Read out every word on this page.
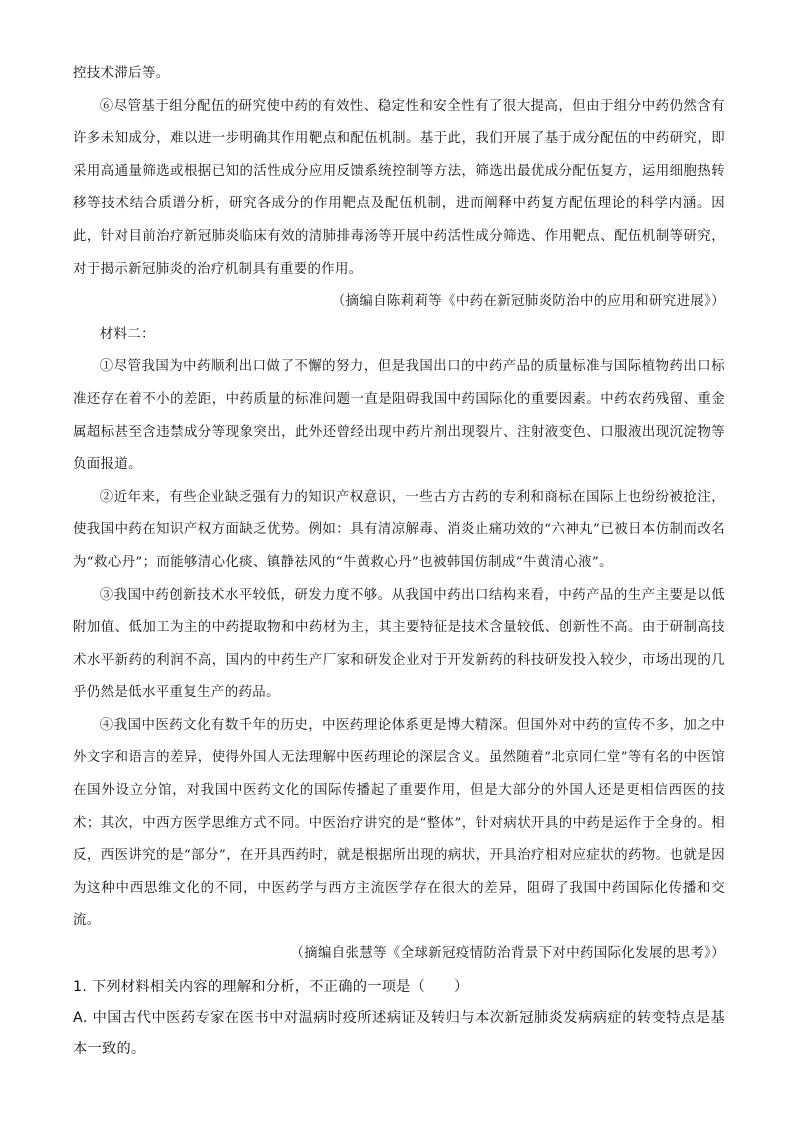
控技术滞后等。

⑥尽管基于组分配伍的研究使中药的有效性、稳定性和安全性有了很大提高，但由于组分中药仍然含有许多未知成分，难以进一步明确其作用靶点和配伍机制。基于此，我们开展了基于成分配伍的中药研究，即采用高通量筛选或根据已知的活性成分应用反馈系统控制等方法，筛选出最优成分配伍复方，运用细胞热转移等技术结合质谱分析，研究各成分的作用靶点及配伍机制，进而阐释中药复方配伍理论的科学内涵。因此，针对目前治疗新冠肺炎临床有效的清肺排毒汤等开展中药活性成分筛选、作用靶点、配伍机制等研究，对于揭示新冠肺炎的治疗机制具有重要的作用。

（摘编自陈莉莉等《中药在新冠肺炎防治中的应用和研究进展》）

材料二：

①尽管我国为中药顺利出口做了不懈的努力，但是我国出口的中药产品的质量标准与国际植物药出口标准还存在着不小的差距，中药质量的标准问题一直是阻碍我国中药国际化的重要因素。中药农药残留、重金属超标甚至含违禁成分等现象突出，此外还曾经出现中药片剂出现裂片、注射液变色、口服液出现沉淀物等负面报道。

②近年来，有些企业缺乏强有力的知识产权意识，一些古方古药的专利和商标在国际上也纷纷被抢注，使我国中药在知识产权方面缺乏优势。例如：具有清凉解毒、消炎止痛功效的“六神丸”已被日本仿制而改名为“救心丹”；而能够清心化痰、镇静祛风的“牛黄救心丹”也被韩国仿制成“牛黄清心液”。

③我国中药创新技术水平较低，研发力度不够。从我国中药出口结构来看，中药产品的生产主要是以低附加值、低加工为主的中药提取物和中药材为主，其主要特征是技术含量较低、创新性不高。由于研制高技术水平新药的利润不高，国内的中药生产厂家和研发企业对于开发新药的科技研发投入较少，市场出现的几乎仍然是低水平重复生产的药品。

④我国中医药文化有数千年的历史，中医药理论体系更是博大精深。但国外对中药的宣传不多，加之中外文字和语言的差异，使得外国人无法理解中医药理论的深层含义。虽然随着“北京同仁堂”等有名的中医馆在国外设立分馆，对我国中医药文化的国际传播起了重要作用，但是大部分的外国人还是更相信西医的技术；其次，中西方医学思维方式不同。中医治疗讲究的是“整体”，针对病状开具的中药是运作于全身的。相反，西医讲究的是“部分”，在开具西药时，就是根据所出现的病状，开具治疗相对应症状的药物。也就是因为这种中西思维文化的不同，中医药学与西方主流医学存在很大的差异，阻碍了我国中药国际化传播和交流。

（摘编自张慧等《全球新冠疫情防治背景下对中药国际化发展的思考》）

1. 下列材料相关内容的理解和分析，不正确的一项是（　　）

A. 中国古代中医药专家在医书中对温病时疫所述病证及转归与本次新冠肺炎发病病症的转变特点是基本一致的。
